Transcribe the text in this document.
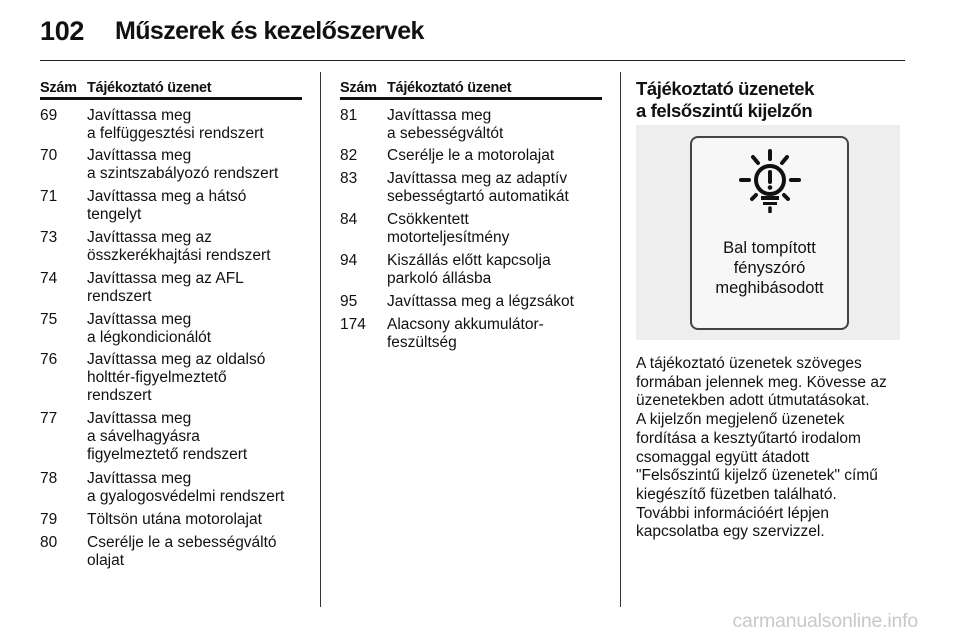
102 Műszerek és kezelőszervek
Szám Tájékoztató üzenet
69 Javíttassa meg
a felfüggesztési rendszert
70 Javíttassa meg
a szintszabályozó rendszert
71 Javíttassa meg a hátsó
tengelyt
73 Javíttassa meg az
összkerékhajtási rendszert
74 Javíttassa meg az AFL
rendszert
75 Javíttassa meg
a légkondicionálót
76 Javíttassa meg az oldalsó
holttér-figyelmeztető
rendszert
77 Javíttassa meg
a sávelhagyásra
figyelmeztető rendszert
78 Javíttassa meg
a gyalogosvédelmi rendszert
79 Töltsön utána motorolajat
80 Cserélje le a sebességváltó
olajat
Szám Tájékoztató üzenet
81 Javíttassa meg
a sebességváltót
82 Cserélje le a motorolajat
83 Javíttassa meg az adaptív
sebességtartó automatikát
84 Csökkentett
motorteljesítmény
94 Kiszállás előtt kapcsolja
parkoló állásba
95 Javíttassa meg a légzsákot
174 Alacsony akkumulátor-
feszültség
Tájékoztató üzenetek
a felsőszintű kijelzőn
Bal tompított
fényszóró
meghibásodott
A tájékoztató üzenetek szöveges
formában jelennek meg. Kövesse az
üzenetekben adott útmutatásokat.
A kijelzőn megjelenő üzenetek
fordítása a kesztyűtartó irodalom
csomaggal együtt átadott
"Felsőszintű kijelző üzenetek" című
kiegészítő füzetben található.
További információért lépjen
kapcsolatba egy szervizzel.
carmanualsonline.info
